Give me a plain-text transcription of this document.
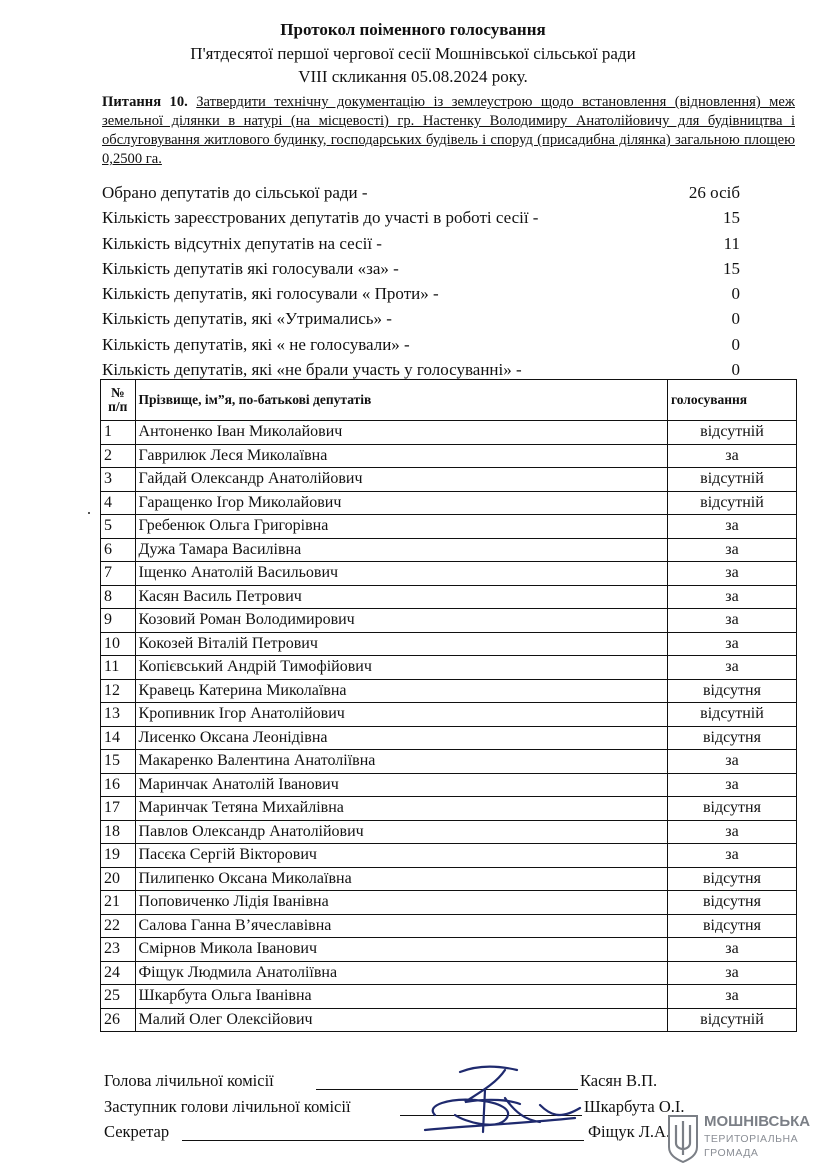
Протокол поіменного голосування
П'ятдесятої першої чергової сесії Мошнівської сільської ради
VIII скликання 05.08.2024 року.
Питання 10. Затвердити технічну документацію із землеустрою щодо встановлення (відновлення) меж земельної ділянки в натурі (на місцевості) гр. Настенку Володимиру Анатолійовичу для будівництва і обслуговування житлового будинку, господарських будівель і споруд (присадибна ділянка) загальною площею 0,2500 га.
Обрано депутатів до сільської ради -	26 осіб
Кількість зареєстрованих депутатів до участі в роботі сесії -	15
Кількість відсутніх депутатів на сесії -	11
Кількість депутатів які голосували «за» -	15
Кількість депутатів, які голосували « Проти» -	0
Кількість депутатів, які «Утримались» -	0
Кількість депутатів, які « не голосували» -	0
Кількість депутатів, які «не брали участь у голосуванні» -	0
№
п/п	Прізвище, ім”я, по-батькові депутатів	голосування
1	Антоненко Іван Миколайович	відсутній
2	Гаврилюк Леся Миколаївна	за
3	Гайдай Олександр Анатолійович	відсутній
4	Гаращенко Ігор Миколайович	відсутній
5	Гребенюк Ольга Григорівна	за
6	Дужа Тамара Василівна	за
7	Іщенко Анатолій Васильович	за
8	Касян Василь Петрович	за
9	Козовий Роман Володимирович	за
10	Кокозей Віталій Петрович	за
11	Копієвський Андрій Тимофійович	за
12	Кравець Катерина Миколаївна	відсутня
13	Кропивник Ігор Анатолійович	відсутній
14	Лисенко Оксана Леонідівна	відсутня
15	Макаренко Валентина Анатоліївна	за
16	Маринчак Анатолій Іванович	за
17	Маринчак Тетяна Михайлівна	відсутня
18	Павлов Олександр Анатолійович	за
19	Пасєка Сергій Вікторович	за
20	Пилипенко Оксана Миколаївна	відсутня
21	Поповиченко Лідія Іванівна	відсутня
22	Салова Ганна В’ячеславівна	відсутня
23	Смірнов Микола Іванович	за
24	Фіщук Людмила Анатоліївна	за
25	Шкарбута Ольга Іванівна	за
26	Малий Олег Олексійович	відсутній
Голова лічильної комісії	Касян В.П.
Заступник голови лічильної комісії	Шкарбута О.І.
Секретар	Фіщук Л.А.
МОШНІВСЬКА
ТЕРИТОРІАЛЬНА
ГРОМАДА
